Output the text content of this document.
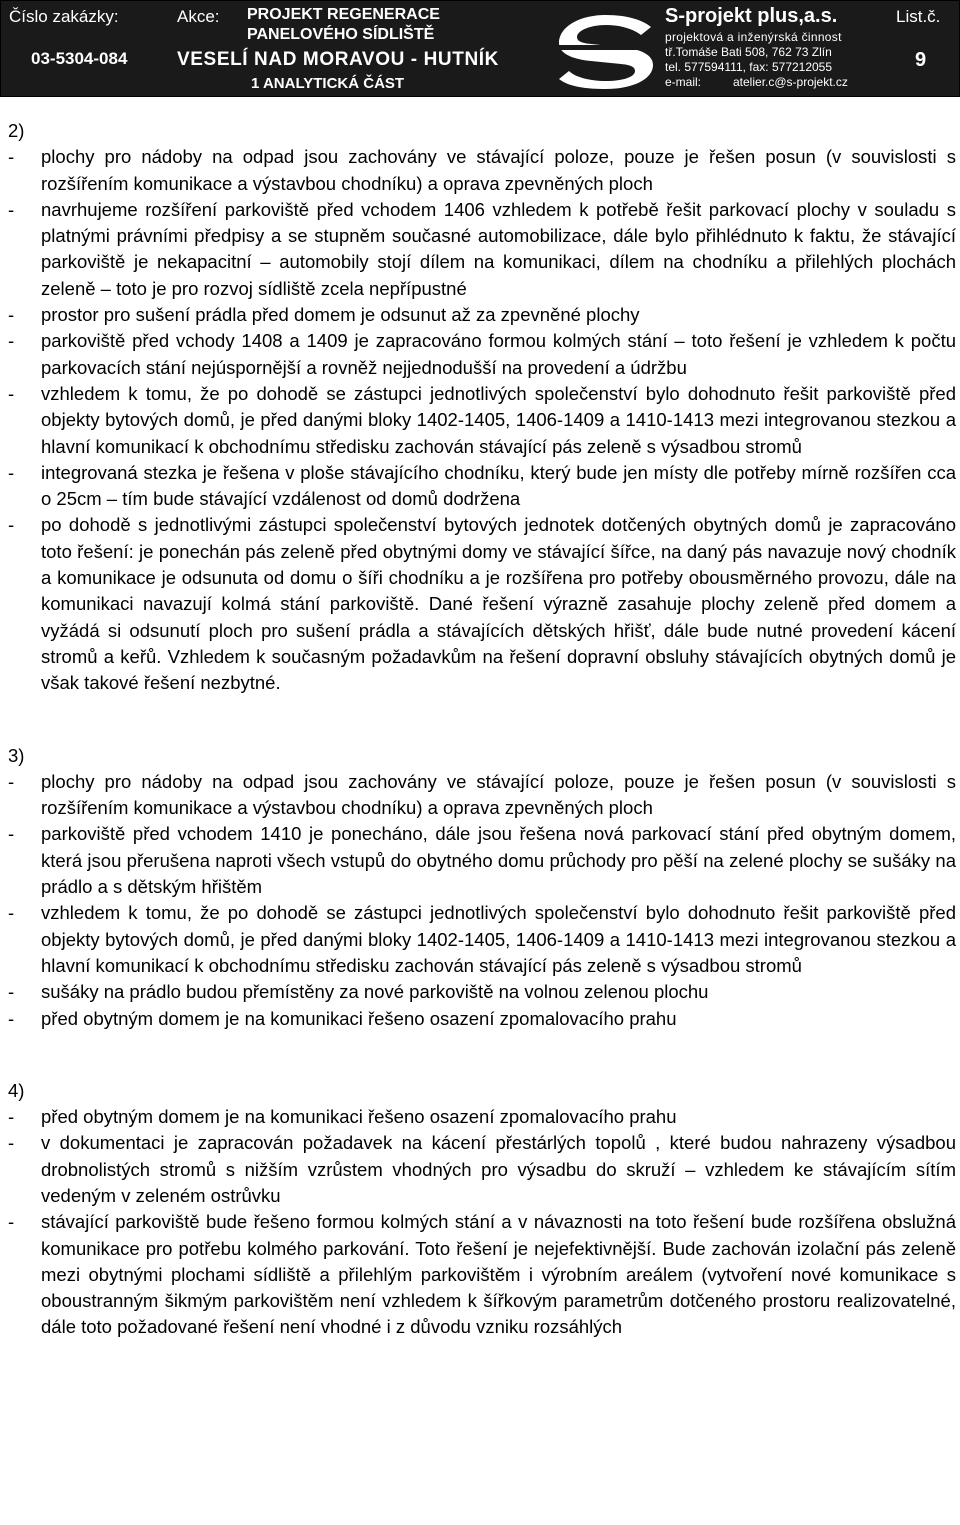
Číslo zakázky:
03-5304-084
Akce: PROJEKT REGENERACE
PANELOVÉHO SÍDLIŠTĚ
VESELÍ NAD MORAVOU - HUTNÍK
1 ANALYTICKÁ ČÁST
S-projekt plus,a.s.
projektová a inženýrská činnost
tř.Tomáše Bati 508, 762 73 Zlín
tel. 577594111, fax: 577212055
e-mail:	atelier.c@s-projekt.cz
List.č.
9

2)

- plochy pro nádoby na odpad jsou zachovány ve stávající poloze, pouze je řešen posun (v souvislosti s rozšířením komunikace a výstavbou chodníku) a oprava zpevněných ploch
- navrhujeme rozšíření parkoviště před vchodem 1406 vzhledem k potřebě řešit parkovací plochy v souladu s platnými právními předpisy a se stupněm současné automobilizace, dále bylo přihlédnuto k faktu, že stávající parkoviště je nekapacitní – automobily stojí dílem na komunikaci, dílem na chodníku a přilehlých plochách zeleně – toto je pro rozvoj sídliště zcela nepřípustné
- prostor pro sušení prádla před domem je odsunut až za zpevněné plochy
- parkoviště před vchody 1408 a 1409 je zapracováno formou kolmých stání – toto řešení je vzhledem k počtu parkovacích stání nejúspornější a rovněž nejjednodušší na provedení a údržbu
- vzhledem k tomu, že po dohodě se zástupci jednotlivých společenství bylo dohodnuto řešit parkoviště před objekty bytových domů, je před danými bloky 1402-1405, 1406-1409 a 1410-1413 mezi integrovanou stezkou a hlavní komunikací k obchodnímu středisku zachován stávající pás zeleně s výsadbou stromů
- integrovaná stezka je řešena v ploše stávajícího chodníku, který bude jen místy dle potřeby mírně rozšířen cca o 25cm – tím bude stávající vzdálenost od domů dodržena
- po dohodě s jednotlivými zástupci společenství bytových jednotek dotčených obytných domů je zapracováno toto řešení: je ponechán pás zeleně před obytnými domy ve stávající šířce, na daný pás navazuje nový chodník a komunikace je odsunuta od domu o šíři chodníku a je rozšířena pro potřeby obousměrného provozu, dále na komunikaci navazují kolmá stání parkoviště. Dané řešení výrazně zasahuje plochy zeleně před domem a vyžádá si odsunutí ploch pro sušení prádla a stávajících dětských hřišť, dále bude nutné provedení kácení stromů a keřů. Vzhledem k současným požadavkům na řešení dopravní obsluhy stávajících obytných domů je však takové řešení nezbytné.

3)

- plochy pro nádoby na odpad jsou zachovány ve stávající poloze, pouze je řešen posun (v souvislosti s rozšířením komunikace a výstavbou chodníku) a oprava zpevněných ploch
- parkoviště před vchodem 1410 je ponecháno, dále jsou řešena nová parkovací stání před obytným domem, která jsou přerušena naproti všech vstupů do obytného domu průchody pro pěší na zelené plochy se sušáky na prádlo a s dětským hřištěm
- vzhledem k tomu, že po dohodě se zástupci jednotlivých společenství bylo dohodnuto řešit parkoviště před objekty bytových domů, je před danými bloky 1402-1405, 1406-1409 a 1410-1413 mezi integrovanou stezkou a hlavní komunikací k obchodnímu středisku zachován stávající pás zeleně s výsadbou stromů
- sušáky na prádlo budou přemístěny za nové parkoviště na volnou zelenou plochu
- před obytným domem je na komunikaci řešeno osazení zpomalovacího prahu

4)

- před obytným domem je na komunikaci řešeno osazení zpomalovacího prahu
- v dokumentaci je zapracován požadavek na kácení přestárlých topolů , které budou nahrazeny výsadbou drobnolistých stromů s nižším vzrůstem vhodných pro výsadbu do skruží – vzhledem ke stávajícím sítím vedeným v zeleném ostrůvku
- stávající parkoviště bude řešeno formou kolmých stání a v návaznosti na toto řešení bude rozšířena obslužná komunikace pro potřebu kolmého parkování. Toto řešení je nejefektivnější. Bude zachován izolační pás zeleně mezi obytnými plochami sídliště a přilehlým parkovištěm i výrobním areálem (vytvoření nové komunikace s oboustranným šikmým parkovištěm není vzhledem k šířkovým parametrům dotčeného prostoru realizovatelné, dále toto požadované řešení není vhodné i z důvodu vzniku rozsáhlých
